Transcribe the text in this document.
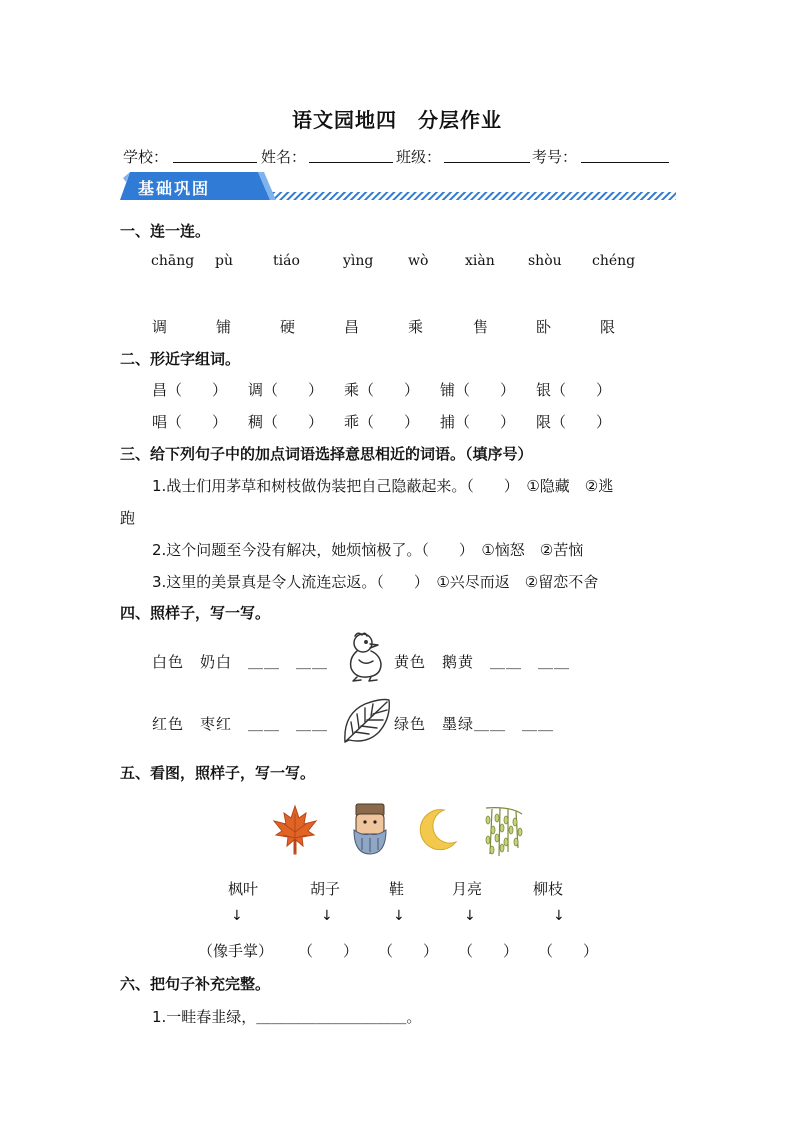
语文园地四　分层作业
学校：	姓名：	班级：	考号：
基础巩固
一、连一连。
chāng pù	tiáo	yìng wò	xiàn shòu chéng
调	铺	硬	昌	乘	售	卧	限
二、形近字组词。
昌（　　） 调（　　） 乘（　　） 铺（　　） 银（　　）
唱（　　） 稠（　　） 乖（　　） 捕（　　） 限（　　）
三、给下列句子中的加点词语选择意思相近的词语。（填序号）
1.战士们用茅草和树枝做伪装把自己隐蔽起来。（　　）　①隐藏　②逃
跑
2.这个问题至今没有解决，她烦恼极了。（　　）　①恼怒　②苦恼
3.这里的美景真是令人流连忘返。（　　）　①兴尽而返　②留恋不舍
四、照样子，写一写。
白色　奶白　＿＿　＿＿	黄色　鹅黄　＿＿　＿＿
红色　枣红　＿＿　＿＿	绿色　墨绿＿＿　＿＿
五、看图，照样子，写一写。
枫叶	胡子	鞋	月亮	柳枝
↓	↓	↓	↓	↓
（像手掌） （　　） （　　） （　　） （　　）
六、把句子补充完整。
1.一畦春韭绿，＿＿＿＿＿＿＿＿＿＿。
